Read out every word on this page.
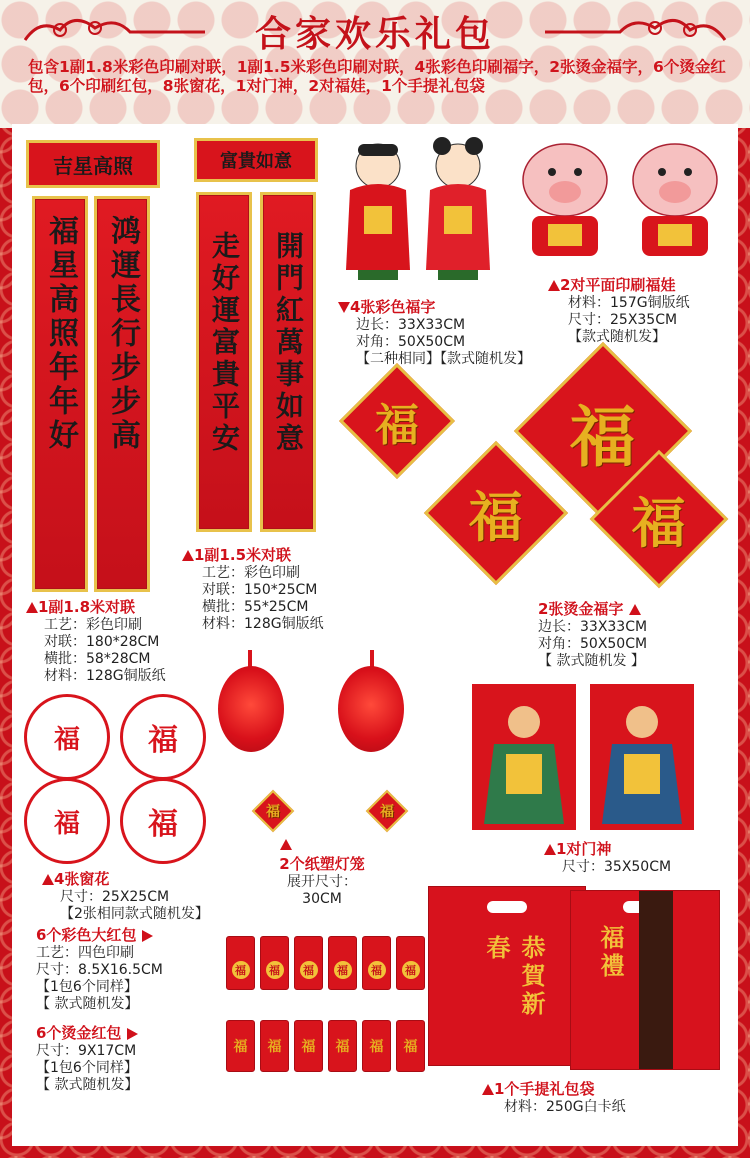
合家欢乐礼包
包含1副1.8米彩色印刷对联，1副1.5米彩色印刷对联，4张彩色印刷福字，2张烫金福字，6个烫金红包，6个印刷红包，8张窗花，1对门神，2对福娃，1个手提礼包袋
吉星高照
福星高照年年好 鸿運長行步步高
1副1.8米对联
工艺：彩色印刷
对联：180*28CM
横批：58*28CM
材料：128G铜版纸
富貴如意
走好運富貴平安 開門紅萬事如意
1副1.5米对联
工艺：彩色印刷
对联：150*25CM
横批：55*25CM
材料：128G铜版纸
2对平面印刷福娃
材料：157G铜版纸
尺寸：25X35CM
【款式随机发】
4张彩色福字
边长：33X33CM
对角：50X50CM
【二种相同】【款式随机发】
福
福
福
福
2张烫金福字
边长：33X33CM
对角：50X50CM
【 款式随机发 】
福 福
福 福
4张窗花
尺寸：25X25CM
【2张相同款式随机发】
福	福
2个纸塑灯笼
展开尺寸：
30CM
1对门神
尺寸：35X50CM
6个彩色大红包
工艺：四色印刷
尺寸：8.5X16.5CM
【1包6个同样】
【 款式随机发】
福	福	福	福	福	福
6个烫金红包
尺寸：9X17CM
【1包6个同样】
【 款式随机发】
福 福 福 福 福 福
恭賀新春	福禮
1个手提礼包袋
材料：250G白卡纸
